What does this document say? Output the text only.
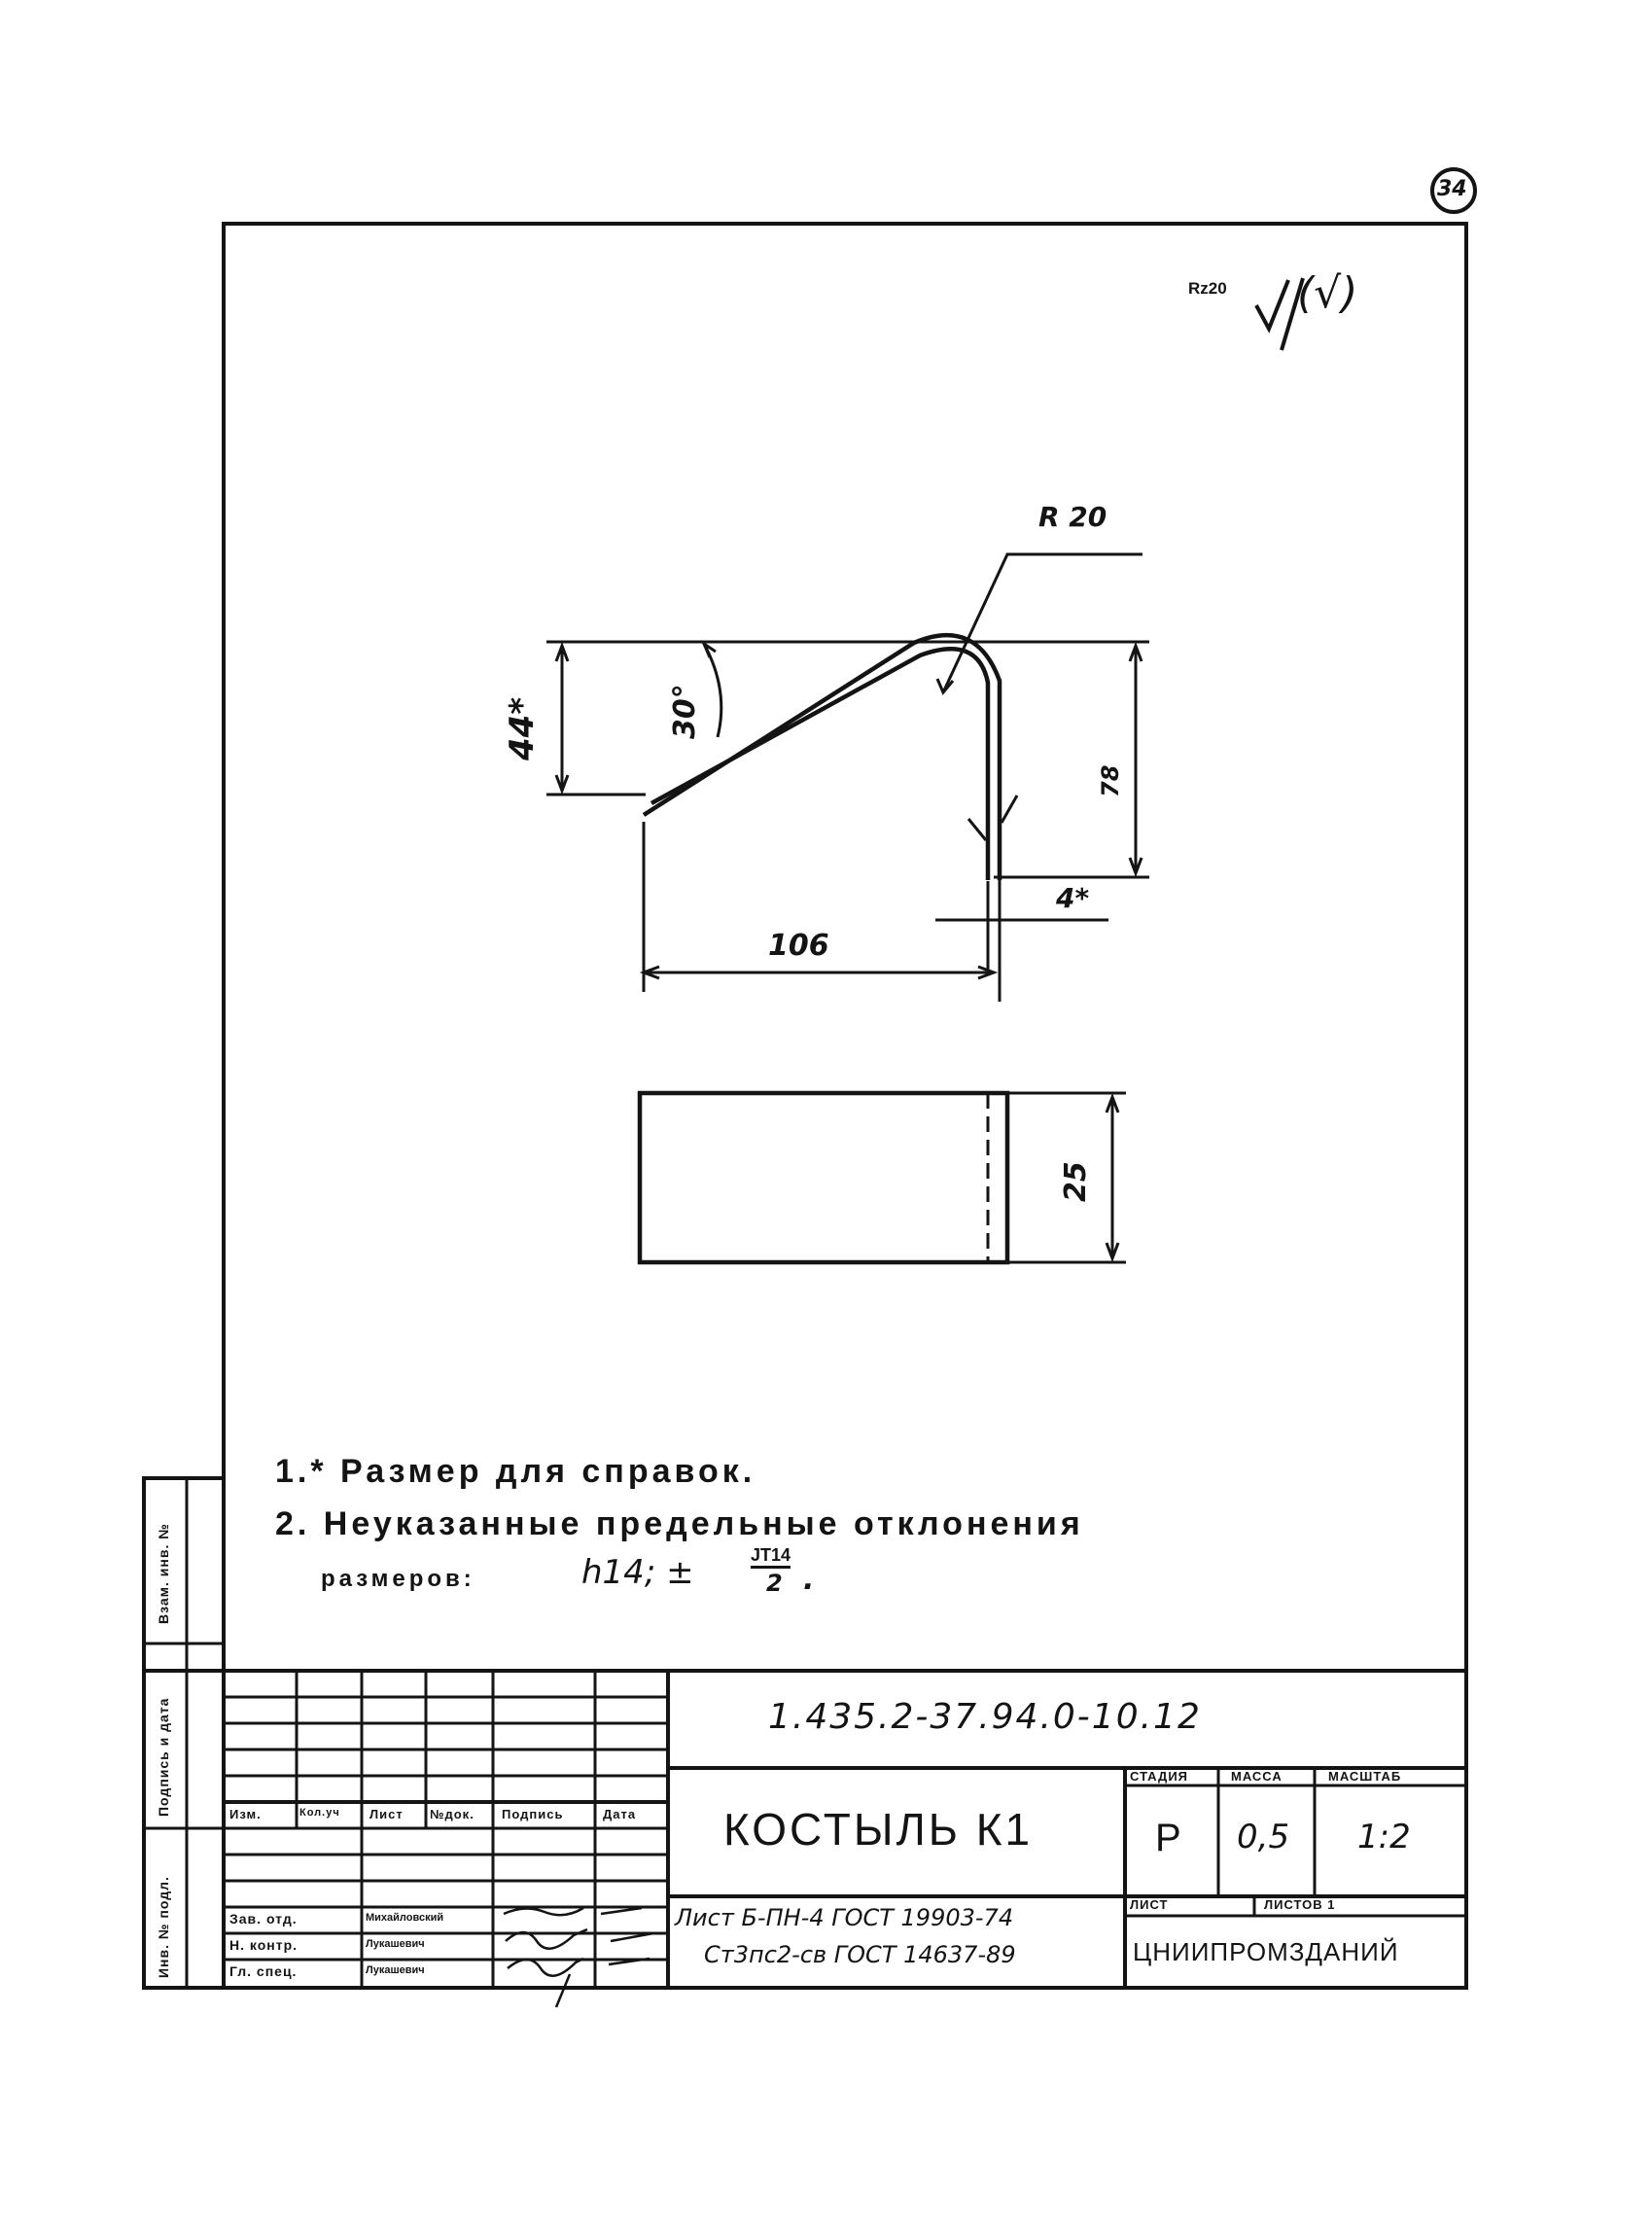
34
Rz20 (√)
R 20
30°
44*
78
4*
106
25
1.* Размер для справок.
2. Неуказанные предельные отклонения
размеров:	h14; ±	JT14
2 .
Взам. инв. №
Подпись и дата
Инв. № подл.
1.435.2-37.94.0-10.12
КОСТЫЛЬ К1
Лист Б-ПН-4 ГОСТ 19903-74
Ст3пс2-св ГОСТ 14637-89	ЦНИИПРОМЗДАНИЙ
СТАДИЯ	МАССА	МАСШТАБ
ЛИСТ	ЛИСТОВ 1
Р 0,5 1:2
Изм.	Кол.уч Лист №док. Подпись	Дата
Зав. отд.	Михайловский
Н. контр.	Лукашевич
Гл. спец.	Лукашевич
